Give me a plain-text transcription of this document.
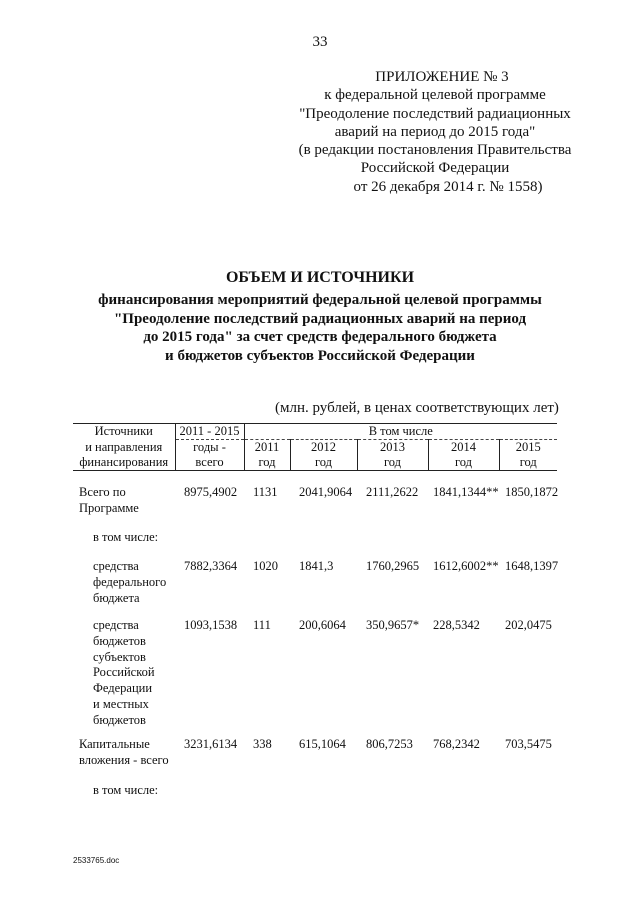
33
ПРИЛОЖЕНИЕ № 3
к федеральной целевой программе
"Преодоление последствий радиационных
аварий на период до 2015 года"
(в редакции постановления Правительства
Российской Федерации
от 26 декабря 2014 г. № 1558)
ОБЪЕМ И ИСТОЧНИКИ
финансирования мероприятий федеральной целевой программы
"Преодоление последствий радиационных аварий на период
до 2015 года" за счет средств федерального бюджета
и бюджетов субъектов Российской Федерации
(млн. рублей, в ценах соответствующих лет)
Источники	2011 - 2015	В том числе				
и направления	годы -	2011	2012	2013	2014	2015
финансирования	всего	год	год	год	год	год
Всего по
Программе
8975,4902 1131 2041,9064 2111,2622 1841,1344** 1850,1872
в том числе:
средства
федерального
бюджета
7882,3364 1020 1841,3	1760,2965 1612,6002** 1648,1397
средства
бюджетов
субъектов
Российской
Федерации
и местных
бюджетов
1093,1538 111 200,6064 350,9657* 228,5342 202,0475
Капитальные
вложения - всего
3231,6134 338 615,1064 806,7253 768,2342 703,5475
в том числе:
2533765.doc
